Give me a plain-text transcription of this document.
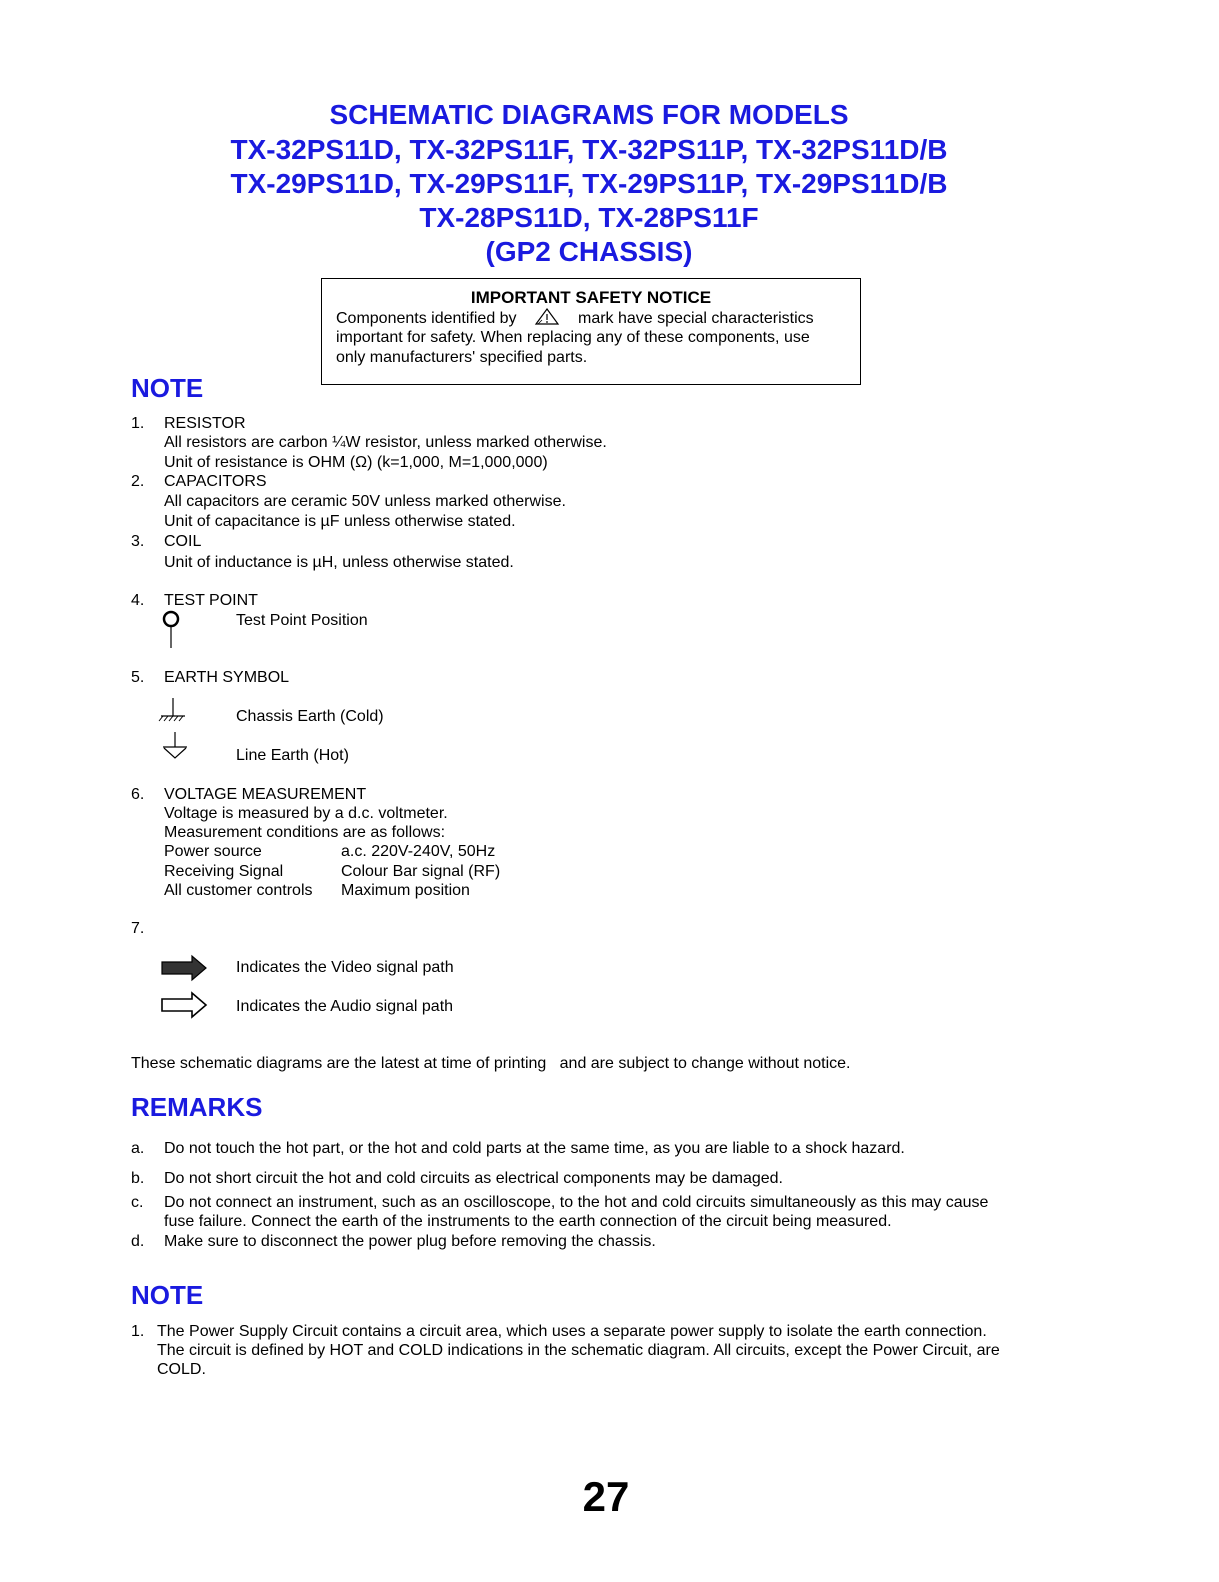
SCHEMATIC DIAGRAMS FOR MODELS
TX-32PS11D, TX-32PS11F, TX-32PS11P, TX-32PS11D/B
TX-29PS11D, TX-29PS11F, TX-29PS11P, TX-29PS11D/B
TX-28PS11D, TX-28PS11F
(GP2 CHASSIS)
IMPORTANT SAFETY NOTICE
Components identified by	mark have special characteristics
important for safety. When replacing any of these components, use
only manufacturers' specified parts.
NOTE
1. RESISTOR
All resistors are carbon ¼W resistor, unless marked otherwise.
Unit of resistance is OHM (Ω) (k=1,000, M=1,000,000)
2. CAPACITORS
All capacitors are ceramic 50V unless marked otherwise.
Unit of capacitance is µF unless otherwise stated.
3. COIL
Unit of inductance is µH, unless otherwise stated.
4. TEST POINT
Test Point Position
5. EARTH SYMBOL
Chassis Earth (Cold)
Line Earth (Hot)
6. VOLTAGE MEASUREMENT
Voltage is measured by a d.c. voltmeter.
Measurement conditions are as follows:
Power source	a.c. 220V-240V, 50Hz
Receiving Signal	Colour Bar signal (RF)
All customer controls Maximum position
7.
Indicates the Video signal path
Indicates the Audio signal path
These schematic diagrams are the latest at time of printing   and are subject to change without notice.
REMARKS
a. Do not touch the hot part, or the hot and cold parts at the same time, as you are liable to a shock hazard.
b. Do not short circuit the hot and cold circuits as electrical components may be damaged.
c. Do not connect an instrument, such as an oscilloscope, to the hot and cold circuits simultaneously as this may cause
fuse failure. Connect the earth of the instruments to the earth connection of the circuit being measured.
d. Make sure to disconnect the power plug before removing the chassis.
NOTE
1. The Power Supply Circuit contains a circuit area, which uses a separate power supply to isolate the earth connection.
The circuit is defined by HOT and COLD indications in the schematic diagram. All circuits, except the Power Circuit, are
COLD.
27
